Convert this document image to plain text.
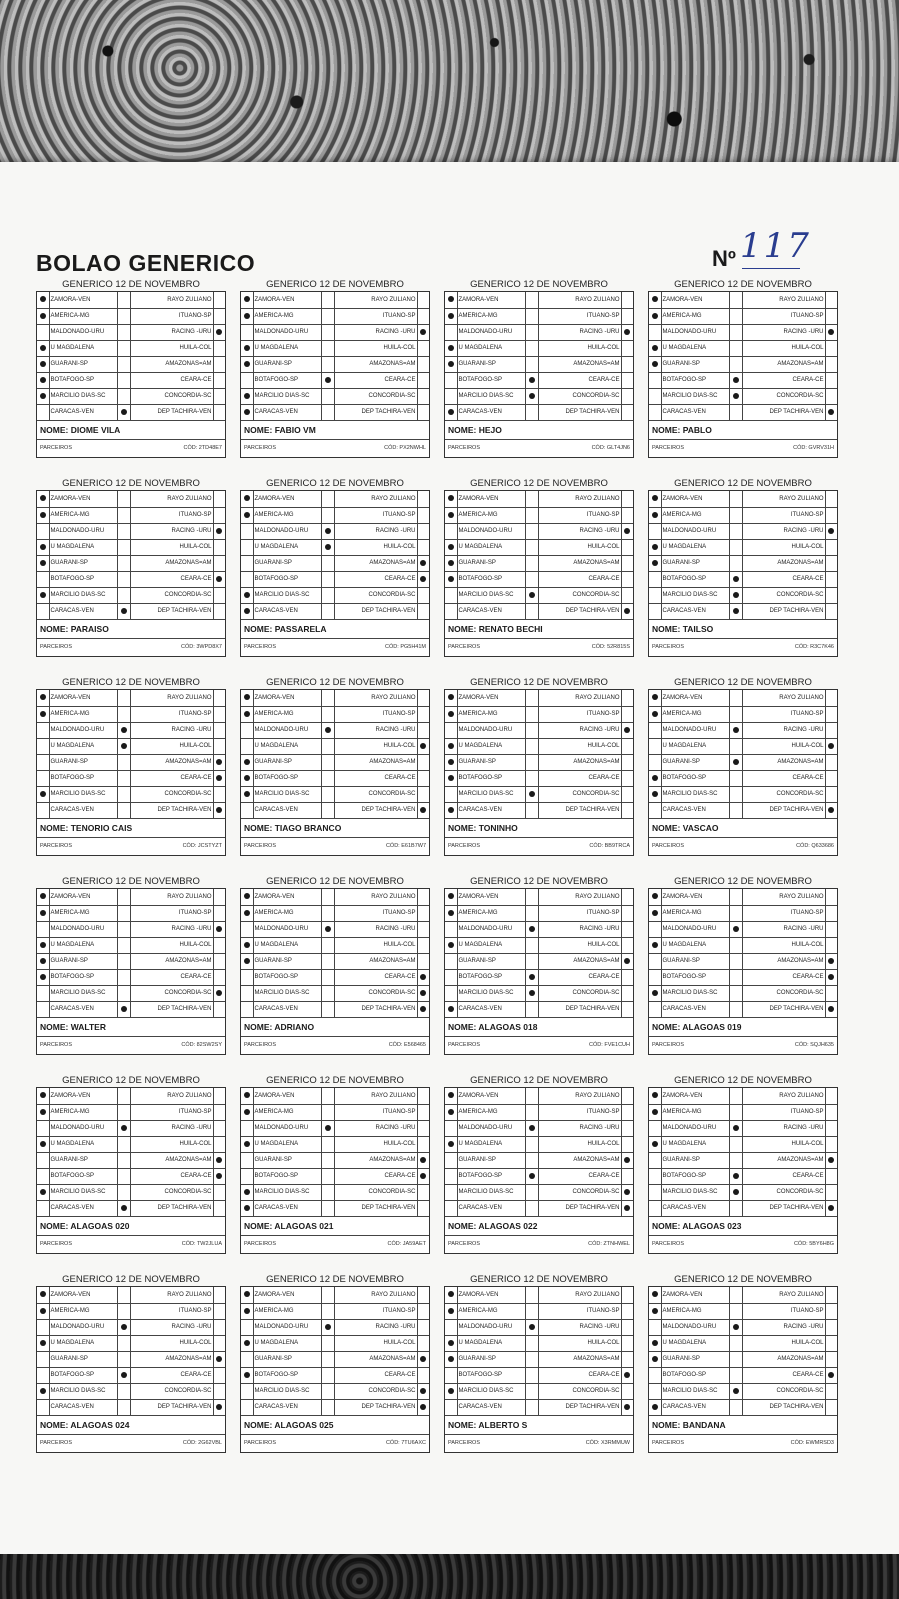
BOLAO GENERICO	Nº 117
GENERICO 12 DE NOVEMBRO
	ZAMORA-VEN		RAYO ZULIANO	
	AMERICA-MG		ITUANO-SP	
	MALDONADO-URU		RACING -URU	
	U MAGDALENA		HUILA-COL	
	GUARANI-SP		AMAZONAS=AM	
	BOTAFOGO-SP		CEARA-CE	
	MARCILIO DIAS-SC		CONCORDIA-SC	
	CARACAS-VEN		DEP TACHIRA-VEN	
NOME: DIOME VILA
PARCEIROS	CÓD: 2TD48E7
GENERICO 12 DE NOVEMBRO
	ZAMORA-VEN		RAYO ZULIANO	
	AMERICA-MG		ITUANO-SP	
	MALDONADO-URU		RACING -URU	
	U MAGDALENA		HUILA-COL	
	GUARANI-SP		AMAZONAS=AM	
	BOTAFOGO-SP		CEARA-CE	
	MARCILIO DIAS-SC		CONCORDIA-SC	
	CARACAS-VEN		DEP TACHIRA-VEN	
NOME: FABIO VM
PARCEIROS	CÓD: PX2NWHL
GENERICO 12 DE NOVEMBRO
	ZAMORA-VEN		RAYO ZULIANO	
	AMERICA-MG		ITUANO-SP	
	MALDONADO-URU		RACING -URU	
	U MAGDALENA		HUILA-COL	
	GUARANI-SP		AMAZONAS=AM	
	BOTAFOGO-SP		CEARA-CE	
	MARCILIO DIAS-SC		CONCORDIA-SC	
	CARACAS-VEN		DEP TACHIRA-VEN	
NOME: HEJO
PARCEIROS	CÓD: GLT4JN6
GENERICO 12 DE NOVEMBRO
	ZAMORA-VEN		RAYO ZULIANO	
	AMERICA-MG		ITUANO-SP	
	MALDONADO-URU		RACING -URU	
	U MAGDALENA		HUILA-COL	
	GUARANI-SP		AMAZONAS=AM	
	BOTAFOGO-SP		CEARA-CE	
	MARCILIO DIAS-SC		CONCORDIA-SC	
	CARACAS-VEN		DEP TACHIRA-VEN	
NOME: PABLO
PARCEIROS	CÓD: GVRV31H
GENERICO 12 DE NOVEMBRO
	ZAMORA-VEN		RAYO ZULIANO	
	AMERICA-MG		ITUANO-SP	
	MALDONADO-URU		RACING -URU	
	U MAGDALENA		HUILA-COL	
	GUARANI-SP		AMAZONAS=AM	
	BOTAFOGO-SP		CEARA-CE	
	MARCILIO DIAS-SC		CONCORDIA-SC	
	CARACAS-VEN		DEP TACHIRA-VEN	
NOME: PARAISO
PARCEIROS	CÓD: 3WPD8X7
GENERICO 12 DE NOVEMBRO
	ZAMORA-VEN		RAYO ZULIANO	
	AMERICA-MG		ITUANO-SP	
	MALDONADO-URU		RACING -URU	
	U MAGDALENA		HUILA-COL	
	GUARANI-SP		AMAZONAS=AM	
	BOTAFOGO-SP		CEARA-CE	
	MARCILIO DIAS-SC		CONCORDIA-SC	
	CARACAS-VEN		DEP TACHIRA-VEN	
NOME: PASSARELA
PARCEIROS	CÓD: PG5H41M
GENERICO 12 DE NOVEMBRO
	ZAMORA-VEN		RAYO ZULIANO	
	AMERICA-MG		ITUANO-SP	
	MALDONADO-URU		RACING -URU	
	U MAGDALENA		HUILA-COL	
	GUARANI-SP		AMAZONAS=AM	
	BOTAFOGO-SP		CEARA-CE	
	MARCILIO DIAS-SC		CONCORDIA-SC	
	CARACAS-VEN		DEP TACHIRA-VEN	
NOME: RENATO BECHI
PARCEIROS	CÓD: 52R815S
GENERICO 12 DE NOVEMBRO
	ZAMORA-VEN		RAYO ZULIANO	
	AMERICA-MG		ITUANO-SP	
	MALDONADO-URU		RACING -URU	
	U MAGDALENA		HUILA-COL	
	GUARANI-SP		AMAZONAS=AM	
	BOTAFOGO-SP		CEARA-CE	
	MARCILIO DIAS-SC		CONCORDIA-SC	
	CARACAS-VEN		DEP TACHIRA-VEN	
NOME: TAILSO
PARCEIROS	CÓD: R3C7K46
GENERICO 12 DE NOVEMBRO
	ZAMORA-VEN		RAYO ZULIANO	
	AMERICA-MG		ITUANO-SP	
	MALDONADO-URU		RACING -URU	
	U MAGDALENA		HUILA-COL	
	GUARANI-SP		AMAZONAS=AM	
	BOTAFOGO-SP		CEARA-CE	
	MARCILIO DIAS-SC		CONCORDIA-SC	
	CARACAS-VEN		DEP TACHIRA-VEN	
NOME: TENORIO CAIS
PARCEIROS	CÓD: JCSTYZT
GENERICO 12 DE NOVEMBRO
	ZAMORA-VEN		RAYO ZULIANO	
	AMERICA-MG		ITUANO-SP	
	MALDONADO-URU		RACING -URU	
	U MAGDALENA		HUILA-COL	
	GUARANI-SP		AMAZONAS=AM	
	BOTAFOGO-SP		CEARA-CE	
	MARCILIO DIAS-SC		CONCORDIA-SC	
	CARACAS-VEN		DEP TACHIRA-VEN	
NOME: TIAGO BRANCO
PARCEIROS	CÓD: E61B7W7
GENERICO 12 DE NOVEMBRO
	ZAMORA-VEN		RAYO ZULIANO	
	AMERICA-MG		ITUANO-SP	
	MALDONADO-URU		RACING -URU	
	U MAGDALENA		HUILA-COL	
	GUARANI-SP		AMAZONAS=AM	
	BOTAFOGO-SP		CEARA-CE	
	MARCILIO DIAS-SC		CONCORDIA-SC	
	CARACAS-VEN		DEP TACHIRA-VEN	
NOME: TONINHO
PARCEIROS	CÓD: BB9TRCA
GENERICO 12 DE NOVEMBRO
	ZAMORA-VEN		RAYO ZULIANO	
	AMERICA-MG		ITUANO-SP	
	MALDONADO-URU		RACING -URU	
	U MAGDALENA		HUILA-COL	
	GUARANI-SP		AMAZONAS=AM	
	BOTAFOGO-SP		CEARA-CE	
	MARCILIO DIAS-SC		CONCORDIA-SC	
	CARACAS-VEN		DEP TACHIRA-VEN	
NOME: VASCAO
PARCEIROS	CÓD: Q633686
GENERICO 12 DE NOVEMBRO
	ZAMORA-VEN		RAYO ZULIANO	
	AMERICA-MG		ITUANO-SP	
	MALDONADO-URU		RACING -URU	
	U MAGDALENA		HUILA-COL	
	GUARANI-SP		AMAZONAS=AM	
	BOTAFOGO-SP		CEARA-CE	
	MARCILIO DIAS-SC		CONCORDIA-SC	
	CARACAS-VEN		DEP TACHIRA-VEN	
NOME: WALTER
PARCEIROS	CÓD: 82SW2SY
GENERICO 12 DE NOVEMBRO
	ZAMORA-VEN		RAYO ZULIANO	
	AMERICA-MG		ITUANO-SP	
	MALDONADO-URU		RACING -URU	
	U MAGDALENA		HUILA-COL	
	GUARANI-SP		AMAZONAS=AM	
	BOTAFOGO-SP		CEARA-CE	
	MARCILIO DIAS-SC		CONCORDIA-SC	
	CARACAS-VEN		DEP TACHIRA-VEN	
NOME: ADRIANO
PARCEIROS	CÓD: E568465
GENERICO 12 DE NOVEMBRO
	ZAMORA-VEN		RAYO ZULIANO	
	AMERICA-MG		ITUANO-SP	
	MALDONADO-URU		RACING -URU	
	U MAGDALENA		HUILA-COL	
	GUARANI-SP		AMAZONAS=AM	
	BOTAFOGO-SP		CEARA-CE	
	MARCILIO DIAS-SC		CONCORDIA-SC	
	CARACAS-VEN		DEP TACHIRA-VEN	
NOME: ALAGOAS 018
PARCEIROS	CÓD: FVE1CUH
GENERICO 12 DE NOVEMBRO
	ZAMORA-VEN		RAYO ZULIANO	
	AMERICA-MG		ITUANO-SP	
	MALDONADO-URU		RACING -URU	
	U MAGDALENA		HUILA-COL	
	GUARANI-SP		AMAZONAS=AM	
	BOTAFOGO-SP		CEARA-CE	
	MARCILIO DIAS-SC		CONCORDIA-SC	
	CARACAS-VEN		DEP TACHIRA-VEN	
NOME: ALAGOAS 019
PARCEIROS	CÓD: SQJH635
GENERICO 12 DE NOVEMBRO
	ZAMORA-VEN		RAYO ZULIANO	
	AMERICA-MG		ITUANO-SP	
	MALDONADO-URU		RACING -URU	
	U MAGDALENA		HUILA-COL	
	GUARANI-SP		AMAZONAS=AM	
	BOTAFOGO-SP		CEARA-CE	
	MARCILIO DIAS-SC		CONCORDIA-SC	
	CARACAS-VEN		DEP TACHIRA-VEN	
NOME: ALAGOAS 020
PARCEIROS	CÓD: TW2JLUA
GENERICO 12 DE NOVEMBRO
	ZAMORA-VEN		RAYO ZULIANO	
	AMERICA-MG		ITUANO-SP	
	MALDONADO-URU		RACING -URU	
	U MAGDALENA		HUILA-COL	
	GUARANI-SP		AMAZONAS=AM	
	BOTAFOGO-SP		CEARA-CE	
	MARCILIO DIAS-SC		CONCORDIA-SC	
	CARACAS-VEN		DEP TACHIRA-VEN	
NOME: ALAGOAS 021
PARCEIROS	CÓD: JA59AET
GENERICO 12 DE NOVEMBRO
	ZAMORA-VEN		RAYO ZULIANO	
	AMERICA-MG		ITUANO-SP	
	MALDONADO-URU		RACING -URU	
	U MAGDALENA		HUILA-COL	
	GUARANI-SP		AMAZONAS=AM	
	BOTAFOGO-SP		CEARA-CE	
	MARCILIO DIAS-SC		CONCORDIA-SC	
	CARACAS-VEN		DEP TACHIRA-VEN	
NOME: ALAGOAS 022
PARCEIROS	CÓD: ZTNHWEL
GENERICO 12 DE NOVEMBRO
	ZAMORA-VEN		RAYO ZULIANO	
	AMERICA-MG		ITUANO-SP	
	MALDONADO-URU		RACING -URU	
	U MAGDALENA		HUILA-COL	
	GUARANI-SP		AMAZONAS=AM	
	BOTAFOGO-SP		CEARA-CE	
	MARCILIO DIAS-SC		CONCORDIA-SC	
	CARACAS-VEN		DEP TACHIRA-VEN	
NOME: ALAGOAS 023
PARCEIROS	CÓD: 5BY6H8G
GENERICO 12 DE NOVEMBRO
	ZAMORA-VEN		RAYO ZULIANO	
	AMERICA-MG		ITUANO-SP	
	MALDONADO-URU		RACING -URU	
	U MAGDALENA		HUILA-COL	
	GUARANI-SP		AMAZONAS=AM	
	BOTAFOGO-SP		CEARA-CE	
	MARCILIO DIAS-SC		CONCORDIA-SC	
	CARACAS-VEN		DEP TACHIRA-VEN	
NOME: ALAGOAS 024
PARCEIROS	CÓD: 2G62VBL
GENERICO 12 DE NOVEMBRO
	ZAMORA-VEN		RAYO ZULIANO	
	AMERICA-MG		ITUANO-SP	
	MALDONADO-URU		RACING -URU	
	U MAGDALENA		HUILA-COL	
	GUARANI-SP		AMAZONAS=AM	
	BOTAFOGO-SP		CEARA-CE	
	MARCILIO DIAS-SC		CONCORDIA-SC	
	CARACAS-VEN		DEP TACHIRA-VEN	
NOME: ALAGOAS 025
PARCEIROS	CÓD: 7TU6AXC
GENERICO 12 DE NOVEMBRO
	ZAMORA-VEN		RAYO ZULIANO	
	AMERICA-MG		ITUANO-SP	
	MALDONADO-URU		RACING -URU	
	U MAGDALENA		HUILA-COL	
	GUARANI-SP		AMAZONAS=AM	
	BOTAFOGO-SP		CEARA-CE	
	MARCILIO DIAS-SC		CONCORDIA-SC	
	CARACAS-VEN		DEP TACHIRA-VEN	
NOME: ALBERTO S
PARCEIROS	CÓD: X3RMMUW
GENERICO 12 DE NOVEMBRO
	ZAMORA-VEN		RAYO ZULIANO	
	AMERICA-MG		ITUANO-SP	
	MALDONADO-URU		RACING -URU	
	U MAGDALENA		HUILA-COL	
	GUARANI-SP		AMAZONAS=AM	
	BOTAFOGO-SP		CEARA-CE	
	MARCILIO DIAS-SC		CONCORDIA-SC	
	CARACAS-VEN		DEP TACHIRA-VEN	
NOME: BANDANA
PARCEIROS	CÓD: EWMRSD3
